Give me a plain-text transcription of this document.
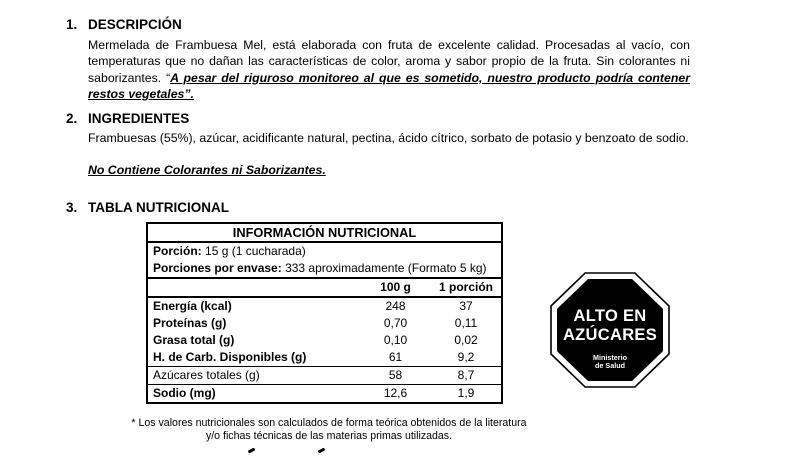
1. DESCRIPCIÓN

Mermelada de Frambuesa Mel, está elaborada con fruta de excelente calidad. Procesadas al vacío, con temperaturas que no dañan las características de color, aroma y sabor propio de la fruta. Sin colorantes ni saborizantes. “A pesar del riguroso monitoreo al que es sometido, nuestro producto podría contener restos vegetales”.

2. INGREDIENTES

Frambuesas (55%), azúcar, acidificante natural, pectina, ácido cítrico, sorbato de potasio y benzoato de sodio.

No Contiene Colorantes ni Saborizantes.

3. TABLA NUTRICIONAL
INFORMACIÓN NUTRICIONAL		
Porción: 15 g (1 cucharada)		
Porciones por envase: 333 aproximadamente (Formato 5 kg)		
	100 g	1 porción
Energía (kcal)	248	37
Proteínas (g)	0,70	0,11
Grasa total (g)	0,10	0,02
H. de Carb. Disponibles (g)	61	9,2
Azúcares totales (g)	58	8,7
Sodio (mg)	12,6	1,9
* Los valores nutricionales son calculados de forma teórica obtenidos de la literatura
y/o fichas técnicas de las materias primas utilizadas.
ALTO EN
AZÚCARES
Ministerio
de Salud
